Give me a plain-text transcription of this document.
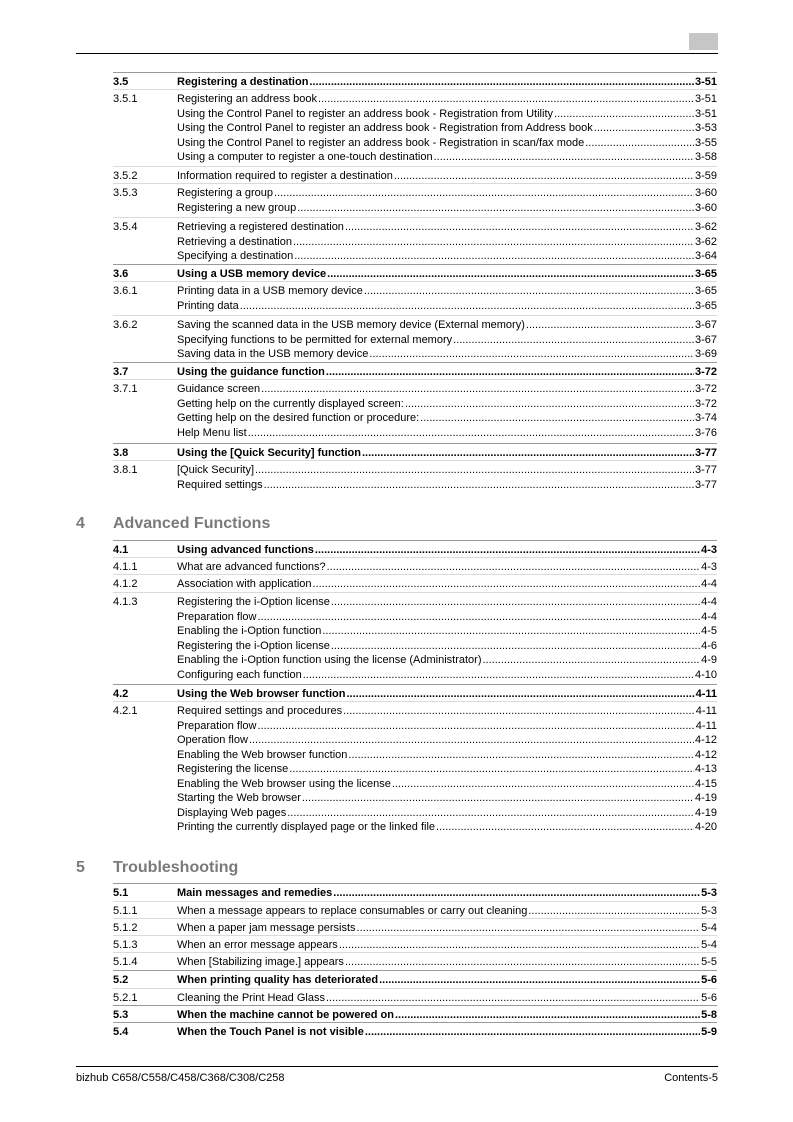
3.5	Registering a destination .....	3-51
3.5.1	Registering an address book .....	3-51
Using the Control Panel to register an address book - Registration from Utility .....	3-51
Using the Control Panel to register an address book - Registration from Address book .....	3-53
Using the Control Panel to register an address book - Registration in scan/fax mode .....	3-55
Using a computer to register a one-touch destination .....	3-58
3.5.2	Information required to register a destination .....	3-59
3.5.3	Registering a group .....	3-60
Registering a new group .....	3-60
3.5.4	Retrieving a registered destination .....	3-62
Retrieving a destination .....	3-62
Specifying a destination .....	3-64
3.6	Using a USB memory device .....	3-65
3.6.1	Printing data in a USB memory device .....	3-65
Printing data .....	3-65
3.6.2	Saving the scanned data in the USB memory device (External memory) .....	3-67
Specifying functions to be permitted for external memory .....	3-67
Saving data in the USB memory device .....	3-69
3.7	Using the guidance function .....	3-72
3.7.1	Guidance screen .....	3-72
Getting help on the currently displayed screen: .....	3-72
Getting help on the desired function or procedure: .....	3-74
Help Menu list .....	3-76
3.8	Using the [Quick Security] function .....	3-77
3.8.1	[Quick Security] .....	3-77
Required settings .....	3-77
4.1	Using advanced functions .....	4-3
4.1.1	What are advanced functions? .....	4-3
4.1.2	Association with application .....	4-4
4.1.3	Registering the i-Option license .....	4-4
Preparation flow .....	4-4
Enabling the i-Option function .....	4-5
Registering the i-Option license .....	4-6
Enabling the i-Option function using the license (Administrator) .....	4-9
Configuring each function .....	4-10
4.2	Using the Web browser function .....	4-11
4.2.1	Required settings and procedures .....	4-11
Preparation flow .....	4-11
Operation flow .....	4-12
Enabling the Web browser function .....	4-12
Registering the license .....	4-13
Enabling the Web browser using the license .....	4-15
Starting the Web browser .....	4-19
Displaying Web pages .....	4-19
Printing the currently displayed page or the linked file .....	4-20
5.1	Main messages and remedies .....	5-3
5.1.1	When a message appears to replace consumables or carry out cleaning .....	5-3
5.1.2	When a paper jam message persists .....	5-4
5.1.3	When an error message appears .....	5-4
5.1.4	When [Stabilizing image.] appears .....	5-5
5.2	When printing quality has deteriorated .....	5-6
5.2.1	Cleaning the Print Head Glass .....	5-6
5.3	When the machine cannot be powered on .....	5-8
5.4	When the Touch Panel is not visible .....	5-9
4	Advanced Functions
5	Troubleshooting
bizhub C658/C558/C458/C368/C308/C258	Contents-5
